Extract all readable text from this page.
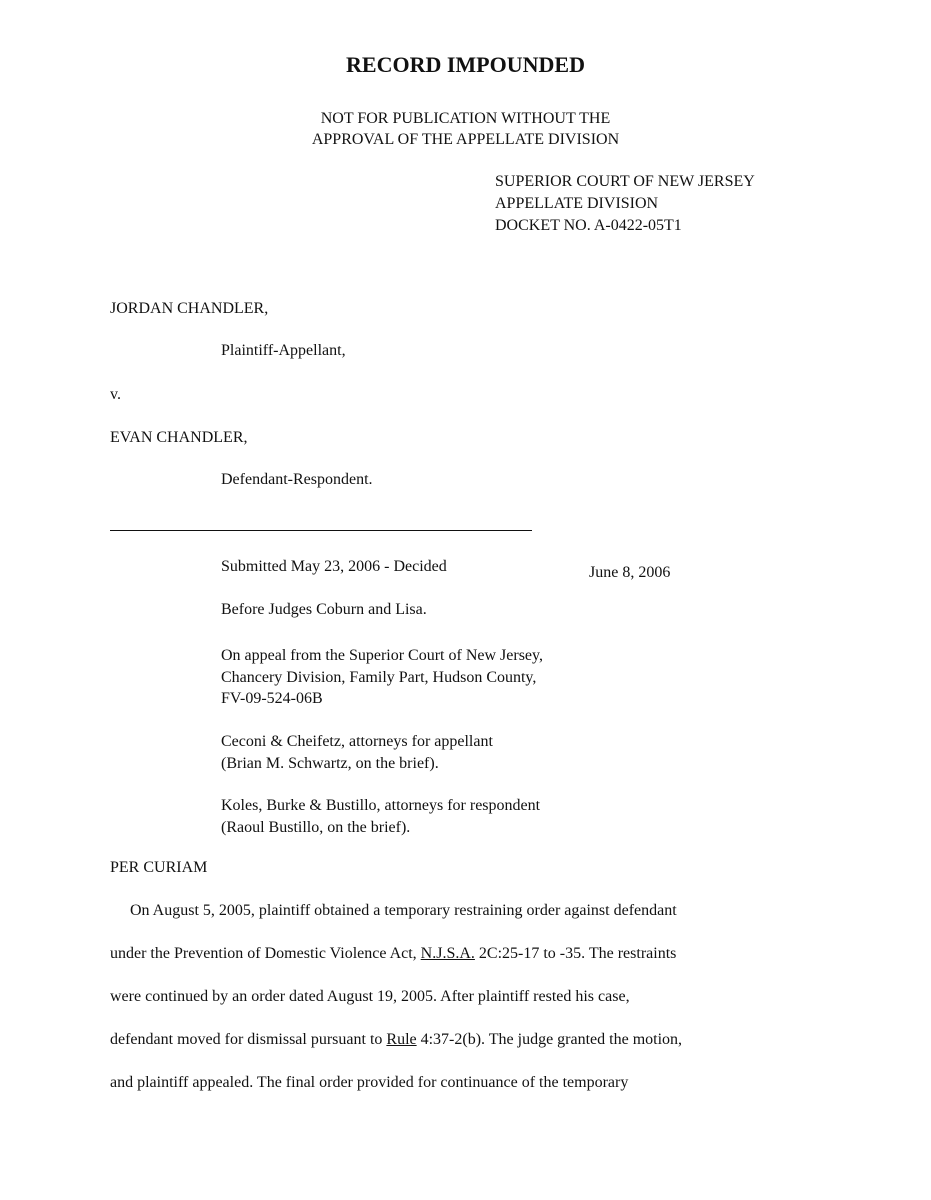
RECORD IMPOUNDED
NOT FOR PUBLICATION WITHOUT THE
APPROVAL OF THE APPELLATE DIVISION
SUPERIOR COURT OF NEW JERSEY
APPELLATE DIVISION
DOCKET NO. A-0422-05T1
JORDAN CHANDLER,
Plaintiff-Appellant,
v.
EVAN CHANDLER,
Defendant-Respondent.
Submitted May 23, 2006 - Decided	June 8, 2006
Before Judges Coburn and Lisa.
On appeal from the Superior Court of New Jersey,
Chancery Division, Family Part, Hudson County,
FV-09-524-06B
Ceconi & Cheifetz, attorneys for appellant
(Brian M. Schwartz, on the brief).
Koles, Burke & Bustillo, attorneys for respondent
(Raoul Bustillo, on the brief).
PER CURIAM
On August 5, 2005, plaintiff obtained a temporary restraining order against defendant
under the Prevention of Domestic Violence Act, N.J.S.A. 2C:25-17 to -35. The restraints
were continued by an order dated August 19, 2005. After plaintiff rested his case,
defendant moved for dismissal pursuant to Rule 4:37-2(b). The judge granted the motion,
and plaintiff appealed. The final order provided for continuance of the temporary
